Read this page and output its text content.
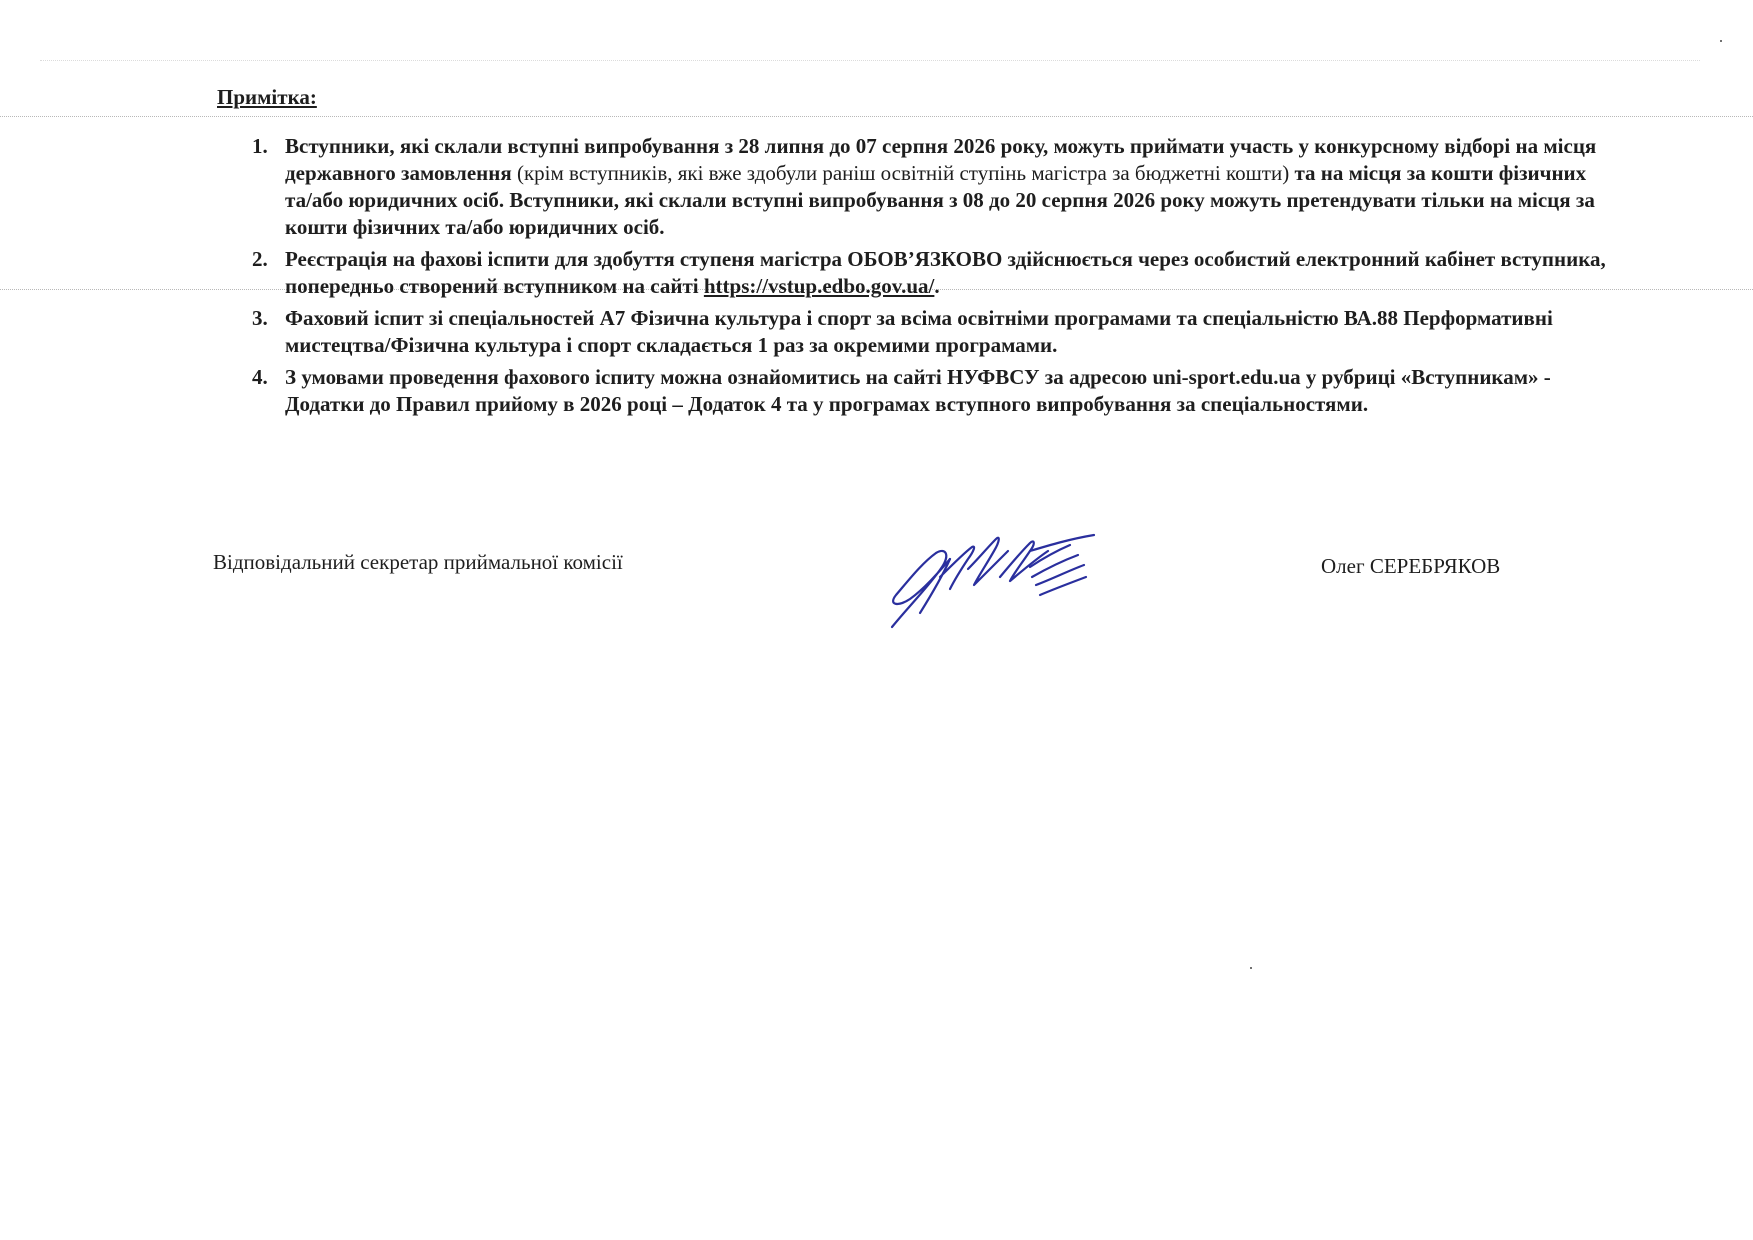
Примітка:

1. Вступники, які склали вступні випробування з 28 липня до 07 серпня 2026 року, можуть приймати участь у конкурсному відборі на місця державного замовлення (крім вступників, які вже здобули раніш освітній ступінь магістра за бюджетні кошти) та на місця за кошти фізичних та/або юридичних осіб. Вступники, які склали вступні випробування з 08 до 20 серпня 2026 року можуть претендувати тільки на місця за кошти фізичних та/або юридичних осіб.
2. Реєстрація на фахові іспити для здобуття ступеня магістра ОБОВ’ЯЗКОВО здійснюється через особистий електронний кабінет вступника, попередньо створений вступником на сайті https://vstup.edbo.gov.ua/.
3. Фаховий іспит зі спеціальностей А7 Фізична культура і спорт за всіма освітніми програмами та спеціальністю ВА.88 Перформативні мистецтва/Фізична культура і спорт складається 1 раз за окремими програмами.
4. З умовами проведення фахового іспиту можна ознайомитись на сайті НУФВСУ за адресою uni-sport.edu.ua у рубриці «Вступникам» - Додатки до Правил прийому в 2026 році – Додаток 4 та у програмах вступного випробування за спеціальностями.

Відповідальний секретар приймальної комісії	Олег СЕРЕБРЯКОВ
